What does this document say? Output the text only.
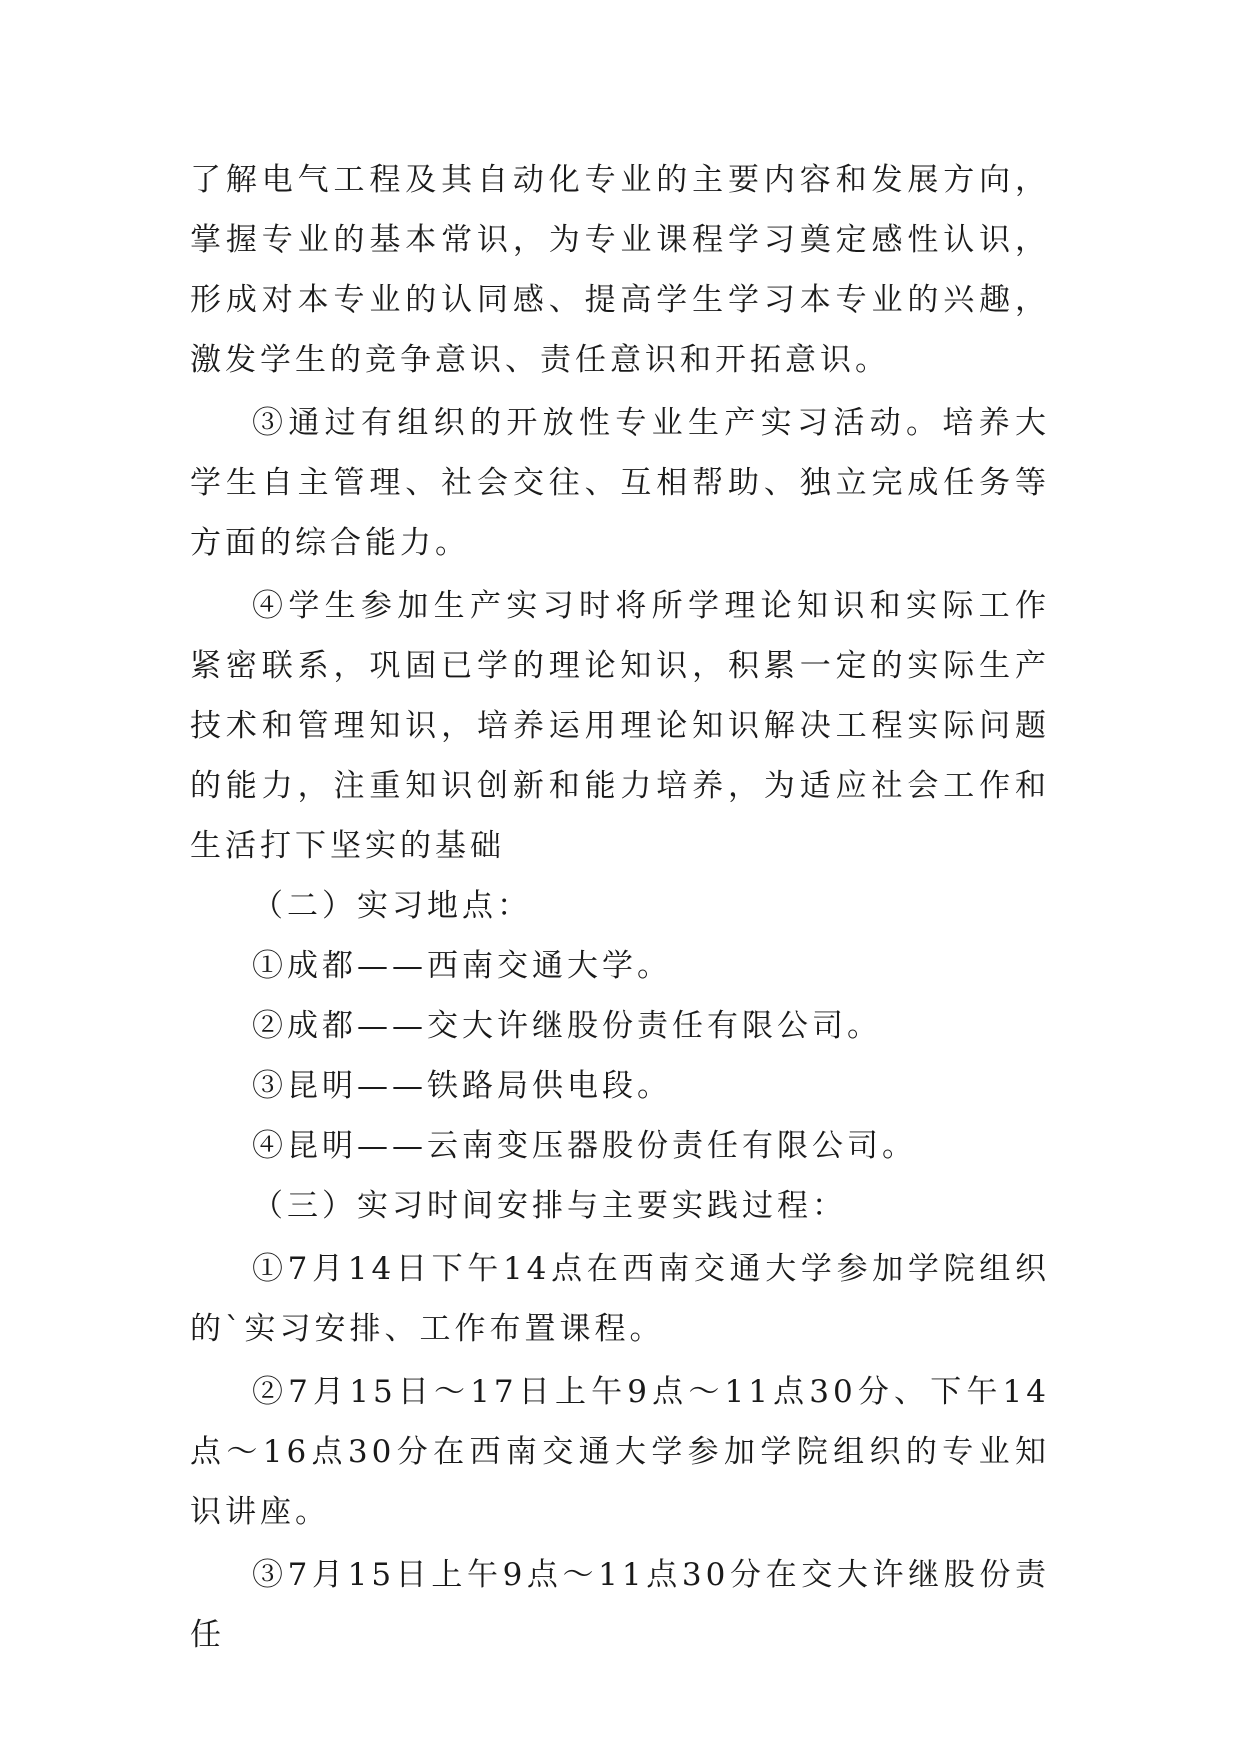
了解电气工程及其自动化专业的主要内容和发展方向，掌握专业的基本常识，为专业课程学习奠定感性认识，形成对本专业的认同感、提高学生学习本专业的兴趣，激发学生的竞争意识、责任意识和开拓意识。

③通过有组织的开放性专业生产实习活动。培养大学生自主管理、社会交往、互相帮助、独立完成任务等方面的综合能力。

④学生参加生产实习时将所学理论知识和实际工作紧密联系，巩固已学的理论知识，积累一定的实际生产技术和管理知识，培养运用理论知识解决工程实际问题的能力，注重知识创新和能力培养，为适应社会工作和生活打下坚实的基础

（二）实习地点：

①成都——西南交通大学。

②成都——交大许继股份责任有限公司。

③昆明——铁路局供电段。

④昆明——云南变压器股份责任有限公司。

（三）实习时间安排与主要实践过程：

①7月14日下午14点在西南交通大学参加学院组织的`实习安排、工作布置课程。

②7月15日～17日上午9点～11点30分、下午14点～16点30分在西南交通大学参加学院组织的专业知识讲座。

③7月15日上午9点～11点30分在交大许继股份责任
